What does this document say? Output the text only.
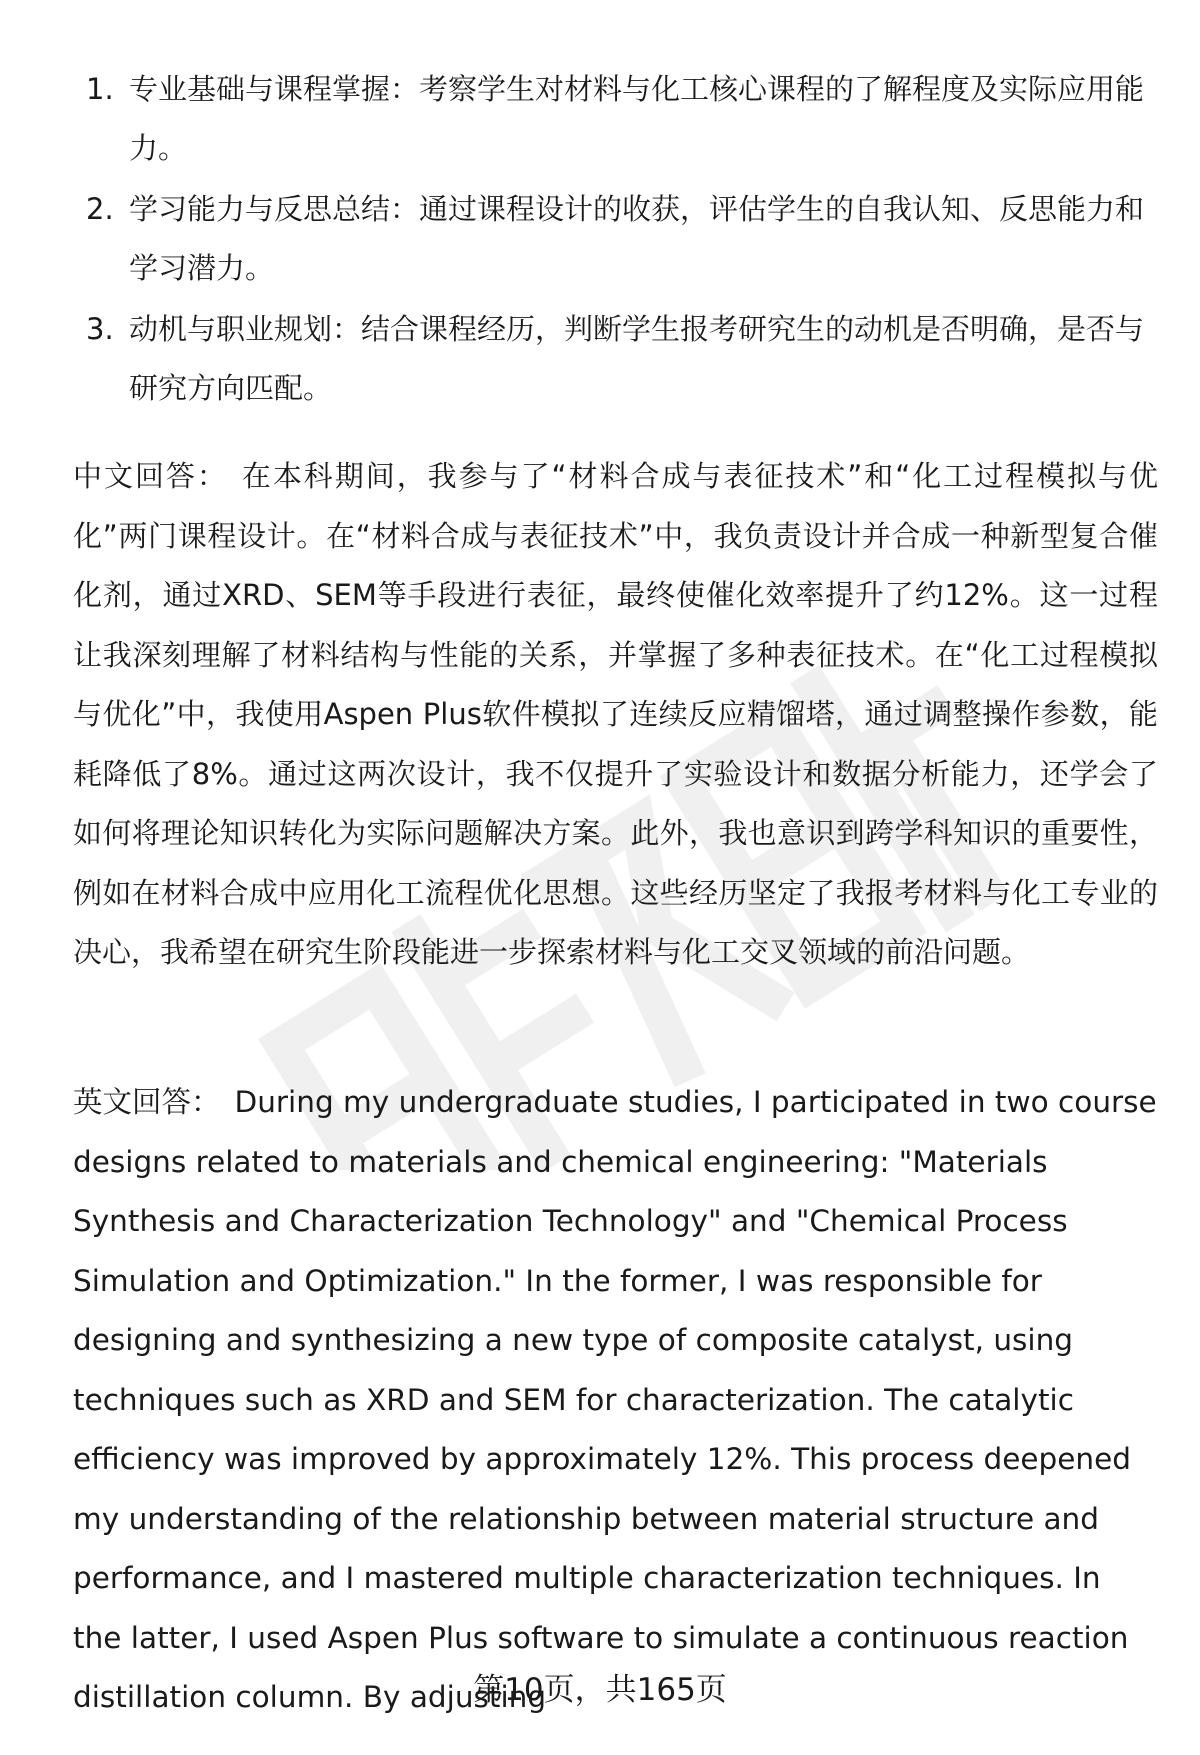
1. 专业基础与课程掌握：考察学生对材料与化工核心课程的了解程度及实际应用能力。
2. 学习能力与反思总结：通过课程设计的收获，评估学生的自我认知、反思能力和学习潜力。
3. 动机与职业规划：结合课程经历，判断学生报考研究生的动机是否明确，是否与研究方向匹配。

中文回答： 在本科期间，我参与了“材料合成与表征技术”和“化工过程模拟与优化”两门课程设计。在“材料合成与表征技术”中，我负责设计并合成一种新型复合催化剂，通过XRD、SEM等手段进行表征，最终使催化效率提升了约12%。这一过程让我深刻理解了材料结构与性能的关系，并掌握了多种表征技术。在“化工过程模拟与优化”中，我使用Aspen Plus软件模拟了连续反应精馏塔，通过调整操作参数，能耗降低了8%。通过这两次设计，我不仅提升了实验设计和数据分析能力，还学会了如何将理论知识转化为实际问题解决方案。此外，我也意识到跨学科知识的重要性，例如在材料合成中应用化工流程优化思想。这些经历坚定了我报考材料与化工专业的决心，我希望在研究生阶段能进一步探索材料与化工交叉领域的前沿问题。

英文回答： During my undergraduate studies, I participated in two course designs related to materials and chemical engineering: "Materials Synthesis and Characterization Technology" and "Chemical Process Simulation and Optimization." In the former, I was responsible for designing and synthesizing a new type of composite catalyst, using techniques such as XRD and SEM for characterization. The catalytic efficiency was improved by approximately 12%. This process deepened my understanding of the relationship between material structure and performance, and I mastered multiple characterization techniques. In the latter, I used Aspen Plus software to simulate a continuous reaction distillation column. By adjusting

第10页，共165页
